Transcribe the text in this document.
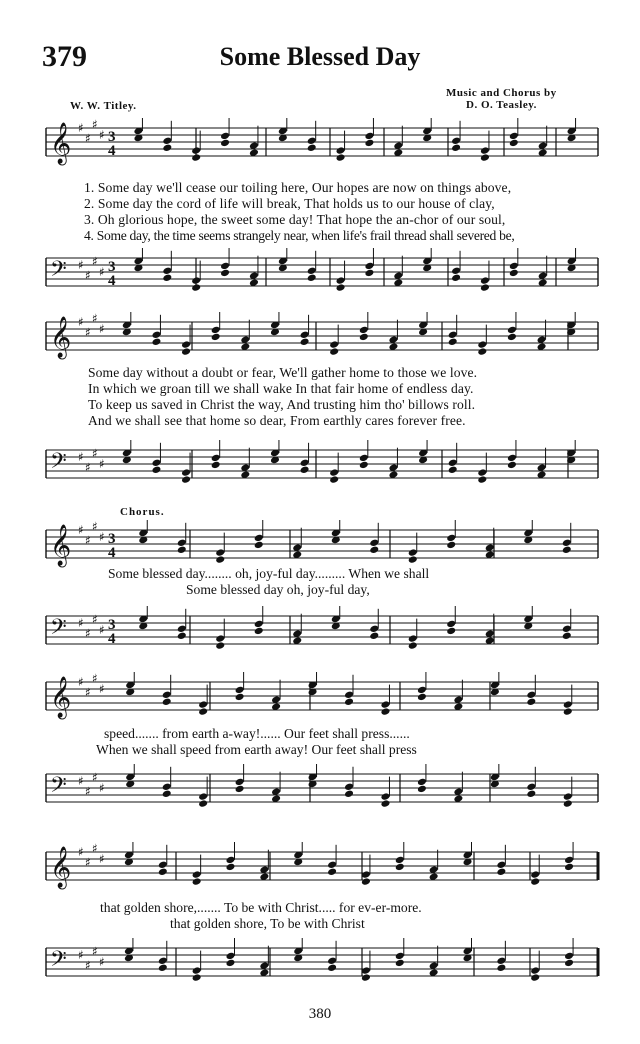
379	Some Blessed Day
W. W. Titley.
Music and Chorus by
D. O. Teasley.
𝄞 ♯
♯
♯
♯ 3
4
𝄢 ♯
♯
♯
♯ 3
4
𝄞 ♯
♯
♯
♯
𝄢 ♯
♯
♯
♯
𝄞 ♯
♯
♯
♯ 3
4
𝄢 ♯
♯
♯
♯ 3
4
𝄞 ♯
♯
♯
♯
𝄢 ♯
♯
♯
♯
𝄞 ♯
♯
♯
♯
𝄢 ♯
♯
♯
♯
1. Some day we'll cease our toiling here, Our hopes are now on things above,
2. Some day the cord of life will break, That holds us to our house of clay,
3. Oh glorious hope, the sweet some day! That hope the an-chor of our soul,
4. Some day, the time seems strangely near, when life's frail thread shall severed be,
Some day without a doubt or fear, We'll gather home to those we love.
In which we groan till we shall wake In that fair home of endless day.
To keep us saved in Christ the way, And trusting him tho' billows roll.
And we shall see that home so dear, From earthly cares forever free.
Chorus.
Some blessed day........ oh, joy-ful day......... When we shall
Some blessed day oh, joy-ful day,
speed....... from earth a-way!...... Our feet shall press......
When we shall speed from earth away! Our feet shall press
that golden shore,....... To be with Christ..... for ev-er-more.
that golden shore, To be with Christ
380
